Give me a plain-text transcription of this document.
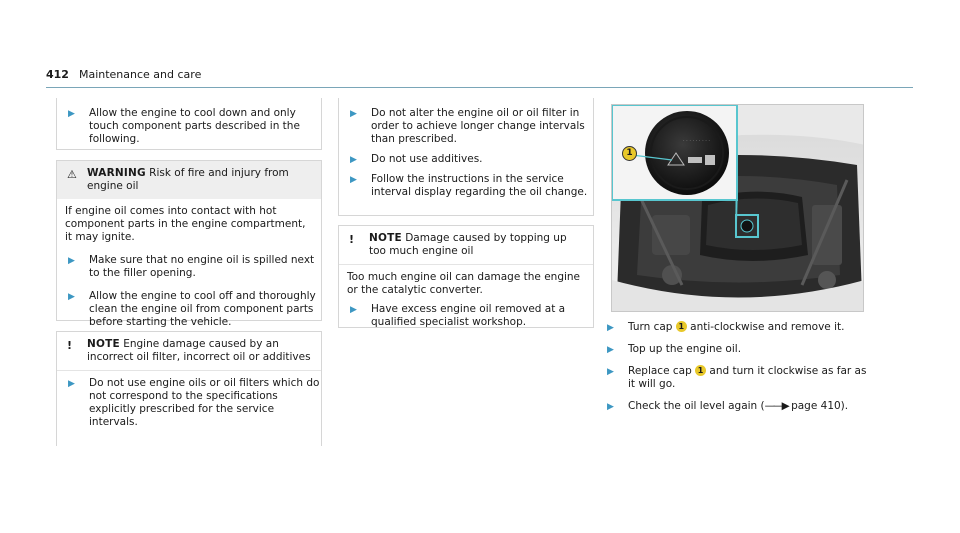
412 Maintenance and care
▶ Allow the engine to cool down and only touch component parts described in the following.
⚠ WARNING Risk of fire and injury from engine oil
If engine oil comes into contact with hot component parts in the engine compartment, it may ignite.
▶ Make sure that no engine oil is spilled next to the filler opening.
▶ Allow the engine to cool off and thoroughly clean the engine oil from component parts before starting the vehicle.
! NOTE Engine damage caused by an incorrect oil filter, incorrect oil or additives
▶ Do not use engine oils or oil filters which do not correspond to the specifications explicitly prescribed for the service intervals.
▶ Do not alter the engine oil or oil filter in order to achieve longer change intervals than prescribed.
▶ Do not use additives.
▶ Follow the instructions in the service interval display regarding the oil change.
! NOTE Damage caused by topping up too much engine oil
Too much engine oil can damage the engine or the catalytic converter.
▶ Have excess engine oil removed at a qualified specialist workshop.
· · · · · · · · ·
1
▶ Turn cap 1 anti-clockwise and remove it.
▶ Top up the engine oil.
▶ Replace cap 1 and turn it clockwise as far as it will go.
▶ Check the oil level again (——▶ page 410).
